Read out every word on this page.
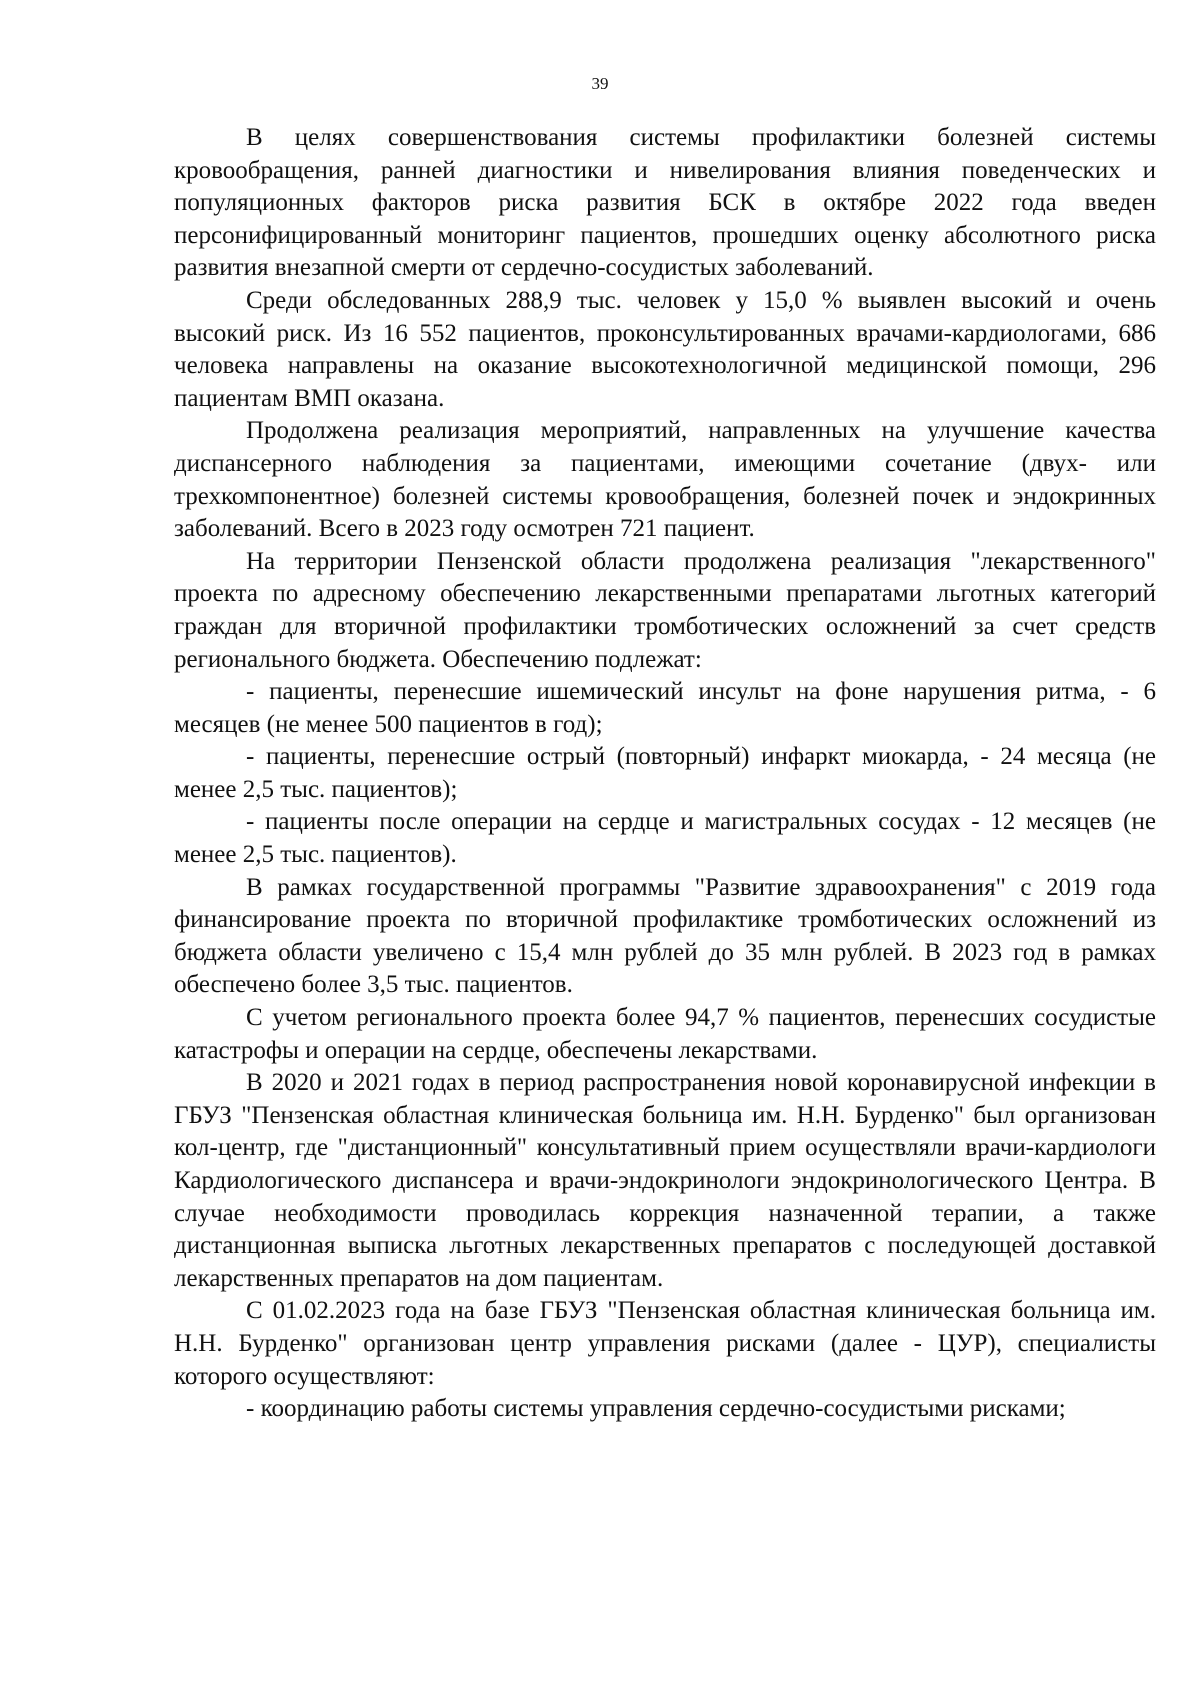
39

В целях совершенствования системы профилактики болезней системы кровообращения, ранней диагностики и нивелирования влияния поведенческих и популяционных факторов риска развития БСК в октябре 2022 года введен персонифицированный мониторинг пациентов, прошедших оценку абсолютного риска развития внезапной смерти от сердечно-сосудистых заболеваний.

Среди обследованных 288,9 тыс. человек у 15,0 % выявлен высокий и очень высокий риск. Из 16 552 пациентов, проконсультированных врачами-кардиологами, 686 человека направлены на оказание высокотехнологичной медицинской помощи, 296 пациентам ВМП оказана.

Продолжена реализация мероприятий, направленных на улучшение качества диспансерного наблюдения за пациентами, имеющими сочетание (двух- или трехкомпонентное) болезней системы кровообращения, болезней почек и эндокринных заболеваний. Всего в 2023 году осмотрен 721 пациент.

На территории Пензенской области продолжена реализация "лекарственного" проекта по адресному обеспечению лекарственными препаратами льготных категорий граждан для вторичной профилактики тромботических осложнений за счет средств регионального бюджета. Обеспечению подлежат:

- пациенты, перенесшие ишемический инсульт на фоне нарушения ритма, - 6 месяцев (не менее 500 пациентов в год);

- пациенты, перенесшие острый (повторный) инфаркт миокарда, - 24 месяца (не менее 2,5 тыс. пациентов);

- пациенты после операции на сердце и магистральных сосудах - 12 месяцев (не менее 2,5 тыс. пациентов).

В рамках государственной программы "Развитие здравоохранения" с 2019 года финансирование проекта по вторичной профилактике тромботических осложнений из бюджета области увеличено с 15,4 млн рублей до 35 млн рублей. В 2023 год в рамках обеспечено более 3,5 тыс. пациентов.

С учетом регионального проекта более 94,7 % пациентов, перенесших сосудистые катастрофы и операции на сердце, обеспечены лекарствами.

В 2020 и 2021 годах в период распространения новой коронавирусной инфекции в ГБУЗ "Пензенская областная клиническая больница им. Н.Н. Бурденко" был организован кол-центр, где "дистанционный" консультативный прием осуществляли врачи-кардиологи Кардиологического диспансера и врачи-эндокринологи эндокринологического Центра. В случае необходимости проводилась коррекция назначенной терапии, а также дистанционная выписка льготных лекарственных препаратов с последующей доставкой лекарственных препаратов на дом пациентам.

С 01.02.2023 года на базе ГБУЗ "Пензенская областная клиническая больница им. Н.Н. Бурденко" организован центр управления рисками (далее - ЦУР), специалисты которого осуществляют:

- координацию работы системы управления сердечно-сосудистыми рисками;
